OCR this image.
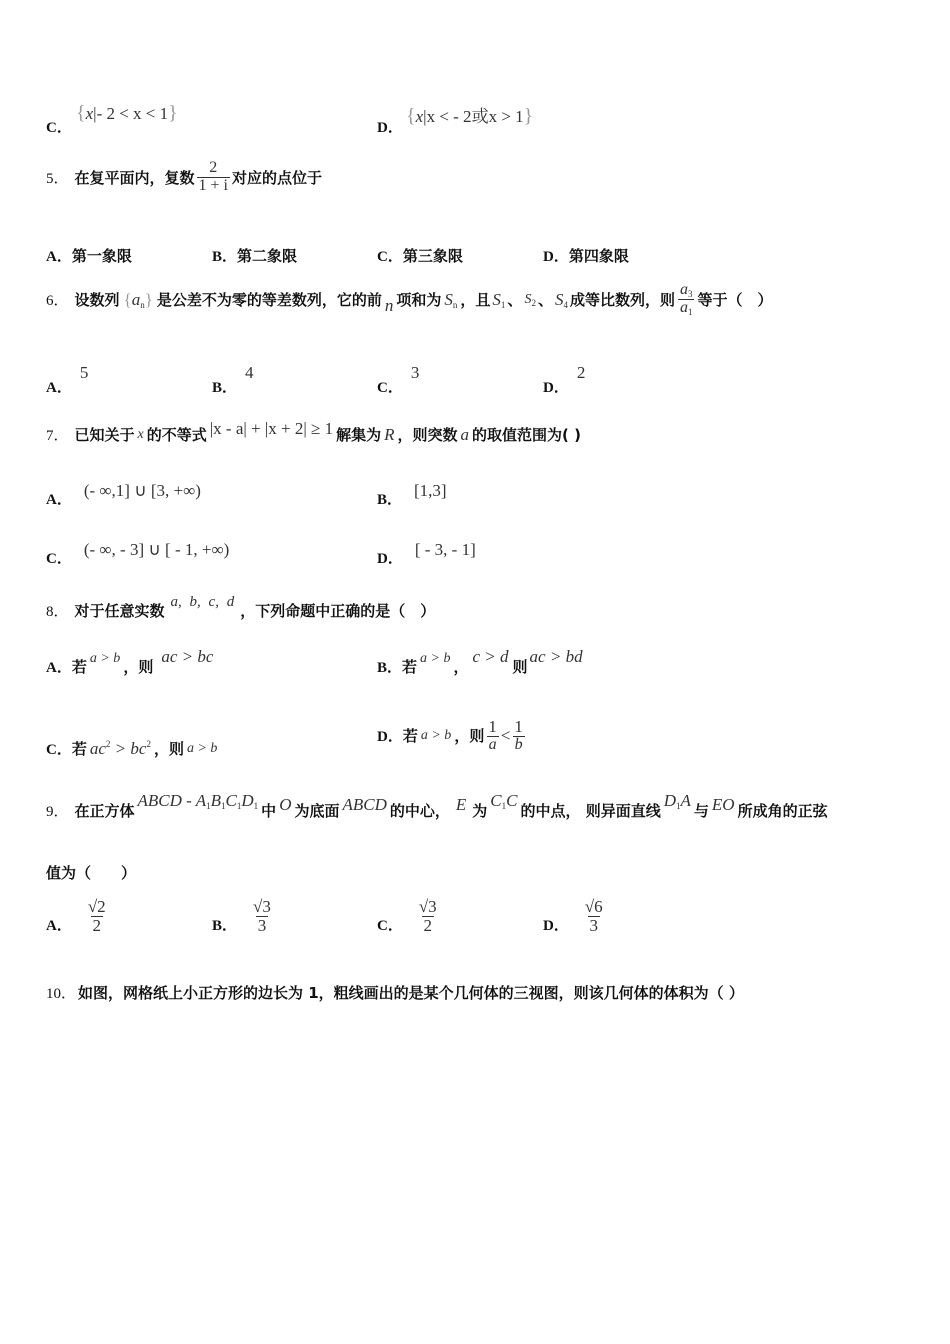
C．
{x|- 2 < x < 1}
D．
{x|x < - 2或x > 1}
5． 在复平面内，复数 $\frac{2}{1 + i}$ 对应的点位于
A．第一象限	B．第二象限	C．第三象限	D．第四象限
6． 设数列 $\{a_n\}$ 是公差不为零的等差数列，它的前 n 项和为 $S_n$ ，且 $S_1$ 、 $S_2$ 、 $S_4$ 成等比数列，则 $\frac{a_3}{a_1}$ 等于（　）
A．5
B．4
C．3
D．2
7． 已知关于 x 的不等式 |x - a| + |x + 2| ≥ 1 解集为 R ，则突数 a 的取值范围为( )
A． (- ∞,1] ∪ [3, +∞)	B． [1,3]
C． (- ∞, - 3] ∪ [ - 1, +∞)	D． [ - 3, - 1]
8． 对于任意实数 a, b, c, d ，下列命题中正确的是（　）
A． 若 a > b ，则
ac > bc
B． 若 a > b ，
c > d
则
ac > bd
C． 若 $ac^2 > bc^2$ ，则 a > b
D． 若 a > b ，则 $\frac{1}{a} < \frac{1}{b}$
9． 在正方体
ABCD - $A_1B_1C_1D_1$ 中 O 为底面 ABCD 的中心， E 为
$C_1C$
的中点， 则异面直线
$D_1A$
与 EO 所成角的正弦
值为（　　）
A． $\frac{√2}{2}$	B． $\frac{√3}{3}$	C． $\frac{√3}{2}$	D． $\frac{√6}{3}$
10． 如图，网格纸上小正方形的边长为 1，粗线画出的是某个几何体的三视图，则该几何体的体积为（ ）
